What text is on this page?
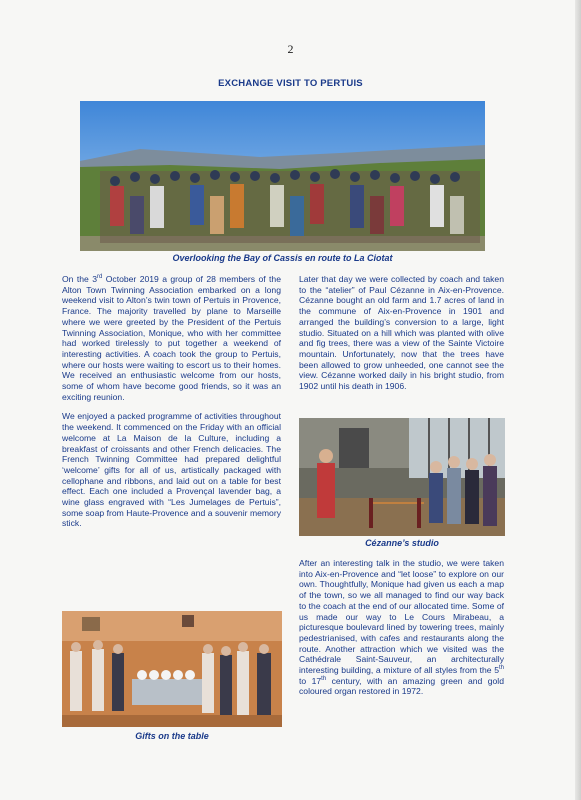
2
EXCHANGE VISIT TO PERTUIS
Overlooking the Bay of Cassis en route to La Ciotat

On the 3rd October 2019 a group of 28 members of the Alton Town Twinning Association embarked on a long weekend visit to Alton’s twin town of Pertuis in Provence, France. The majority travelled by plane to Marseille where we were greeted by the President of the Pertuis Twinning Association, Monique, who with her committee had worked tirelessly to put together a weekend of interesting activities. A coach took the group to Pertuis, where our hosts were waiting to escort us to their homes. We received an enthusiastic welcome from our hosts, some of whom have become good friends, so it was an exciting reunion.

We enjoyed a packed programme of activities throughout the weekend. It commenced on the Friday with an official welcome at La Maison de la Culture, including a breakfast of croissants and other French delicacies. The French Twinning Committee had prepared delightful ‘welcome’ gifts for all of us, artistically packaged with cellophane and ribbons, and laid out on a table for best effect. Each one included a Provençal lavender bag, a wine glass engraved with “Les Jumelages de Pertuis”, some soap from Haute-Provence and a souvenir memory stick.

Gifts on the table

Later that day we were collected by coach and taken to the “atelier” of Paul Cézanne in Aix-en-Provence. Cézanne bought an old farm and 1.7 acres of land in the commune of Aix-en-Provence in 1901 and arranged the building’s conversion to a large, light studio. Situated on a hill which was planted with olive and fig trees, there was a view of the Sainte Victoire mountain. Unfortunately, now that the trees have been allowed to grow unheeded, one cannot see the view. Cézanne worked daily in his bright studio, from 1902 until his death in 1906.

Cézanne’s studio

After an interesting talk in the studio, we were taken into Aix-en-Provence and “let loose” to explore on our own. Thoughtfully, Monique had given us each a map of the town, so we all managed to find our way back to the coach at the end of our allocated time. Some of us made our way to Le Cours Mirabeau, a picturesque boulevard lined by towering trees, mainly pedestrianised, with cafes and restaurants along the route. Another attraction which we visited was the Cathédrale Saint-Sauveur, an architecturally interesting building, a mixture of all styles from the 5th to 17th century, with an amazing green and gold coloured organ restored in 1972.
